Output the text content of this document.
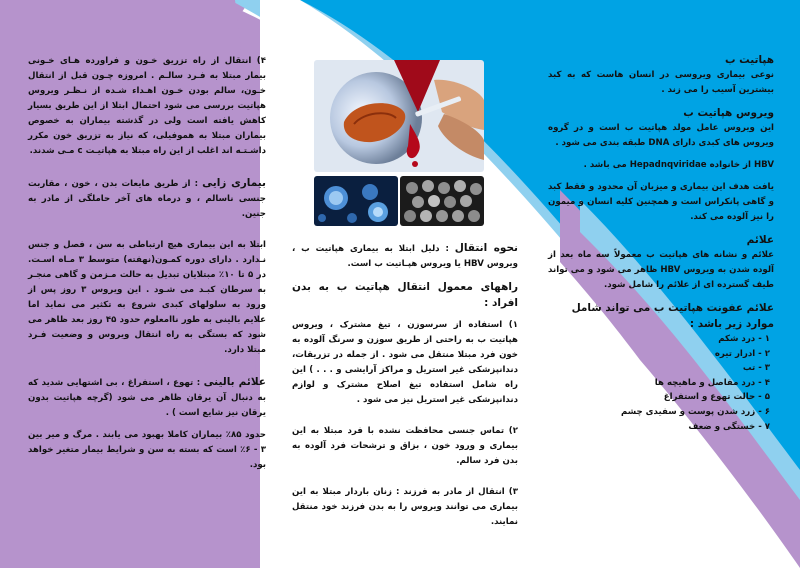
۴) انتقال از راه تزریق خـون و فراورده هـای خـونی بیمار مبتلا به فـرد سالـم . امروزه چـون قبل از انتقال خـون، سالم بودن خـون اهـداء شـده از نـظـر ویروس هپاتیت بررسی می شود احتمال ابتلا از این طریق بسیار کاهش یافته است ولی در گذشته بیماران به خصوص بیماران مبتلا به هموفیلی، که نیاز به تزریق خون مکرر داشـتـه اند اغلب از این راه مبتلا به هپاتیـت c مـی شدند.

بیماری زایی : از طریق مایعات بدن ، خون ، مقاربت جنسی ناسالم ، و درماه های آخر حاملگی از مادر به جنین.

ابتلا به این بیماری هیچ ارتباطی به سن ، فصل و جنس نـدارد . دارای دوره کمـون(نهفته) متوسط ۳ مـاه اسـت. در ۵ تا ۱۰٪ مبتلایان تبدیل به حالت مـزمن و گاهی منجـر به سرطان کبـد می شـود . این ویروس ۳ روز پس از ورود به سلولهای کبدی شروع به تکثیر می نماید اما علایم بالینی به طور ناامعلوم حدود ۴۵ روز بعد ظاهر می شود که بستگی به راه انتقال ویروس و وضعیت فـرد مبتلا دارد.

علائم بالینی : تهوع ، استفراغ ، بی اشتهایی شدید که به دنبال آن یرقان ظاهر می شود (گرچه هپاتیت بدون یرقان نیز شایع است ) .

حدود ۸۵٪ بیماران کاملا بهبود می یابند . مرگ و میر بین ۳ - ۶٪ است که بسته به سن و شرایط بیمار متغیر خواهد بود.

نحوه انتقال : دلیل ابتلا به بیماری هپاتیت ب ، ویروس HBV یا ویروس هپـاتیت ب است.

راههای معمول انتقال هپاتیت ب به بدن افراد :

۱) استفاده از سرسوزن ، تیغ مشترک ، ویروس هپاتیت ب به راحتی از طریق سوزن و سرنگ آلوده به خون فرد مبتلا منتقل می شود . از جمله در تزریقات، دندانپزشکی غیر استریل و مراکز آرایشی و . . . ) این راه شامل استفاده تیغ اصلاح مشترک و لوازم دندانپزشکی غیر استریل نیز می شود .

۲) تماس جنسی محافظت نشده با فرد مبتلا به این بیماری و ورود خون ، بزاق و ترشحات فرد آلوده به بدن فرد سالم.

۳) انتقال از مادر به فرزند : زنان باردار مبتلا به این بیماری می توانند ویروس را به بدن فرزند خود منتقل نمایند.

هپاتیت ب

نوعی بیماری ویروسی در انسان هاست که به کبد بیشترین آسیب را می زند .

ویروس هپاتیت ب

این ویروس عامل مولد هپاتیت ب است و در گروه ویروس های کبدی دارای DNA طبقه بندی می شود .

HBV از خانواده Hepadnqviridae می باشد .

یافت هدف این بیماری و میزبان آن محدود و فقط کبد و گاهی پانکراس است و همچنین کلیه انسان و میمون را نیز آلوده می کند.

علائم

علائم و نشانه های هپاتیت ب معمولاً سه ماه بعد از آلوده شدن به ویروس HBV ظاهر می شود و می تواند طیف گسترده ای از علائم را شامل شود.

علائم عفونت هپاتیت ب می تواند شامل موارد زیر باشد :
۱ - درد شکم
۲ - ادرار تیره
۳ - تب
۴ - درد مفاصل و ماهیچه ها
۵ - حالت تهوع و استفراغ
۶ - زرد شدن پوست و سفیدی چشم
۷ - خستگی و ضعف
